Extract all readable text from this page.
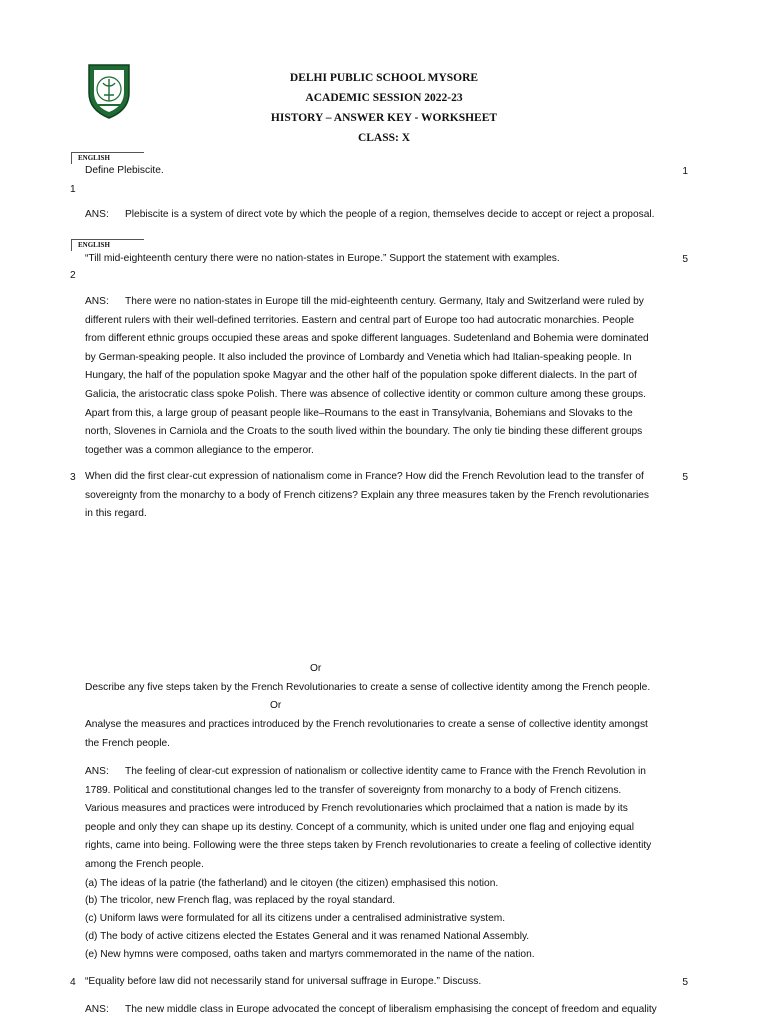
DELHI PUBLIC SCHOOL MYSORE
ACADEMIC SESSION 2022-23
HISTORY – ANSWER KEY - WORKSHEET
CLASS: X
ENGLISH
Define Plebiscite.	1
1
ANS: Plebiscite is a system of direct vote by which the people of a region, themselves decide to accept or reject a proposal.
ENGLISH
“Till mid-eighteenth century there were no nation-states in Europe.” Support the statement with examples.	5
2

ANS: There were no nation-states in Europe till the mid-eighteenth century. Germany, Italy and Switzerland were ruled by

different rulers with their well-defined territories. Eastern and central part of Europe too had autocratic monarchies. People

from different ethnic groups occupied these areas and spoke different languages. Sudetenland and Bohemia were dominated

by German-speaking people. It also included the province of Lombardy and Venetia which had Italian-speaking people. In

Hungary, the half of the population spoke Magyar and the other half of the population spoke different dialects. In the part of

Galicia, the aristocratic class spoke Polish. There was absence of collective identity or common culture among these groups.

Apart from this, a large group of peasant people like–Roumans to the east in Transylvania, Bohemians and Slovaks to the

north, Slovenes in Carniola and the Croats to the south lived within the boundary. The only tie binding these different groups

together was a common allegiance to the emperor.

3 When did the first clear-cut expression of nationalism come in France? How did the French Revolution lead to the transfer of

sovereignty from the monarchy to a body of French citizens? Explain any three measures taken by the French revolutionaries

in this regard.

5
Or
Describe any five steps taken by the French Revolutionaries to create a sense of collective identity among the French people.
Or

Analyse the measures and practices introduced by the French revolutionaries to create a sense of collective identity amongst

the French people.

ANS: The feeling of clear-cut expression of nationalism or collective identity came to France with the French Revolution in

1789. Political and constitutional changes led to the transfer of sovereignty from monarchy to a body of French citizens.

Various measures and practices were introduced by French revolutionaries which proclaimed that a nation is made by its

people and only they can shape up its destiny. Concept of a community, which is united under one flag and enjoying equal

rights, came into being. Following were the three steps taken by French revolutionaries to create a feeling of collective identity

among the French people.

(a) The ideas of la patrie (the fatherland) and le citoyen (the citizen) emphasised this notion.

(b) The tricolor, new French flag, was replaced by the royal standard.

(c) Uniform laws were formulated for all its citizens under a centralised administrative system.

(d) The body of active citizens elected the Estates General and it was renamed National Assembly.

(e) New hymns were composed, oaths taken and martyrs commemorated in the name of the nation.

4 “Equality before law did not necessarily stand for universal suffrage in Europe.” Discuss.	5
ANS: The new middle class in Europe advocated the concept of liberalism emphasising the concept of freedom and equality
